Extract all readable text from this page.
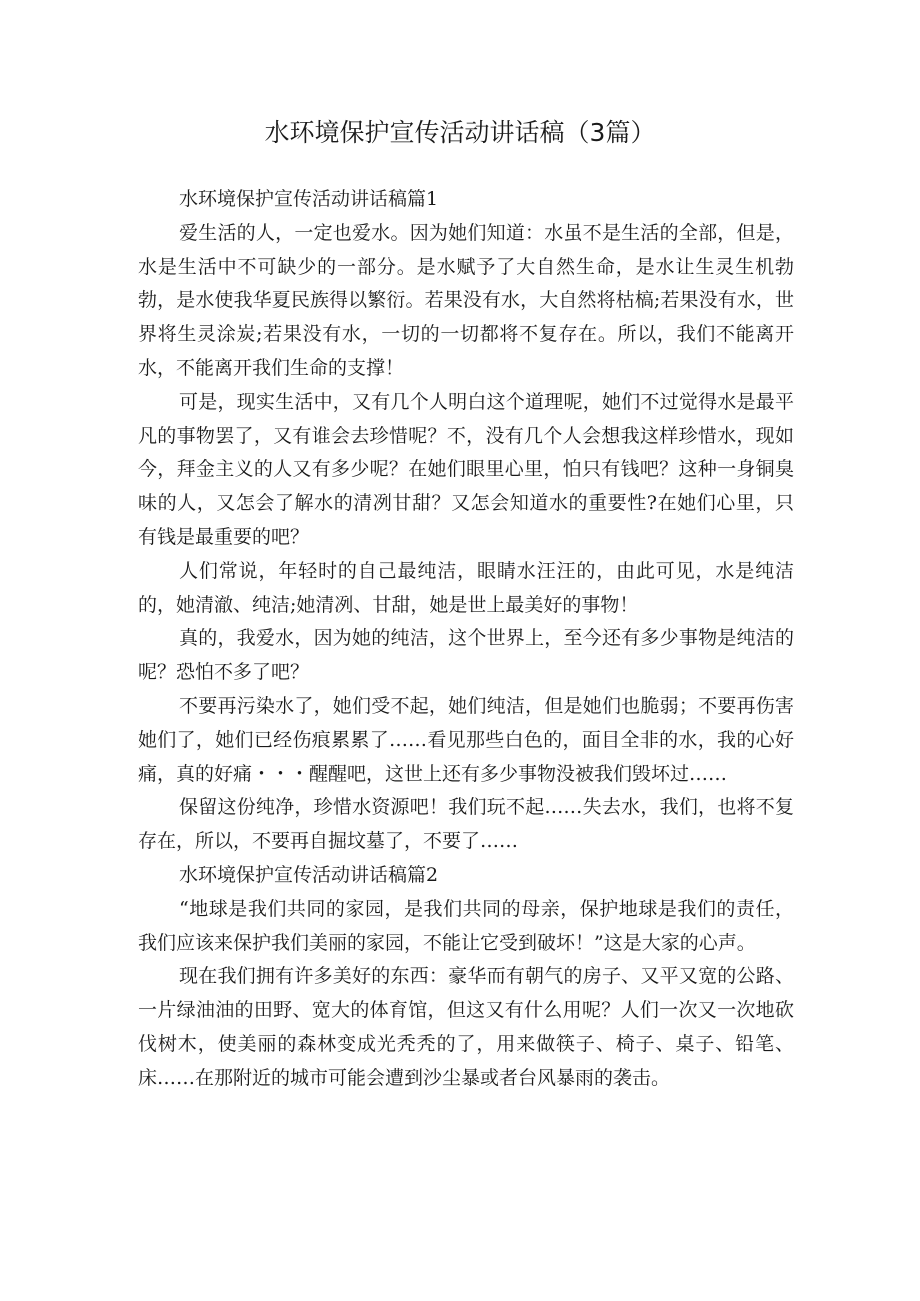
水环境保护宣传活动讲话稿（3篇）

水环境保护宣传活动讲话稿篇1

爱生活的人，一定也爱水。因为她们知道：水虽不是生活的全部，但是，水是生活中不可缺少的一部分。是水赋予了大自然生命，是水让生灵生机勃勃，是水使我华夏民族得以繁衍。若果没有水，大自然将枯槁;若果没有水，世界将生灵涂炭;若果没有水，一切的一切都将不复存在。所以，我们不能离开水，不能离开我们生命的支撑！

可是，现实生活中，又有几个人明白这个道理呢，她们不过觉得水是最平凡的事物罢了，又有谁会去珍惜呢？不，没有几个人会想我这样珍惜水，现如今，拜金主义的人又有多少呢？在她们眼里心里，怕只有钱吧？这种一身铜臭味的人，又怎会了解水的清冽甘甜？又怎会知道水的重要性?在她们心里，只有钱是最重要的吧？

人们常说，年轻时的自己最纯洁，眼睛水汪汪的，由此可见，水是纯洁的，她清澈、纯洁;她清冽、甘甜，她是世上最美好的事物！

真的，我爱水，因为她的纯洁，这个世界上，至今还有多少事物是纯洁的呢？恐怕不多了吧？

不要再污染水了，她们受不起，她们纯洁，但是她们也脆弱；不要再伤害她们了，她们已经伤痕累累了……看见那些白色的，面目全非的水，我的心好痛，真的好痛・・・醒醒吧，这世上还有多少事物没被我们毁坏过……

保留这份纯净，珍惜水资源吧！我们玩不起……失去水，我们，也将不复存在，所以，不要再自掘坟墓了，不要了……

水环境保护宣传活动讲话稿篇2

“地球是我们共同的家园，是我们共同的母亲，保护地球是我们的责任，我们应该来保护我们美丽的家园，不能让它受到破坏！”这是大家的心声。

现在我们拥有许多美好的东西：豪华而有朝气的房子、又平又宽的公路、一片绿油油的田野、宽大的体育馆，但这又有什么用呢？人们一次又一次地砍伐树木，使美丽的森林变成光秃秃的了，用来做筷子、椅子、桌子、铅笔、床……在那附近的城市可能会遭到沙尘暴或者台风暴雨的袭击。
